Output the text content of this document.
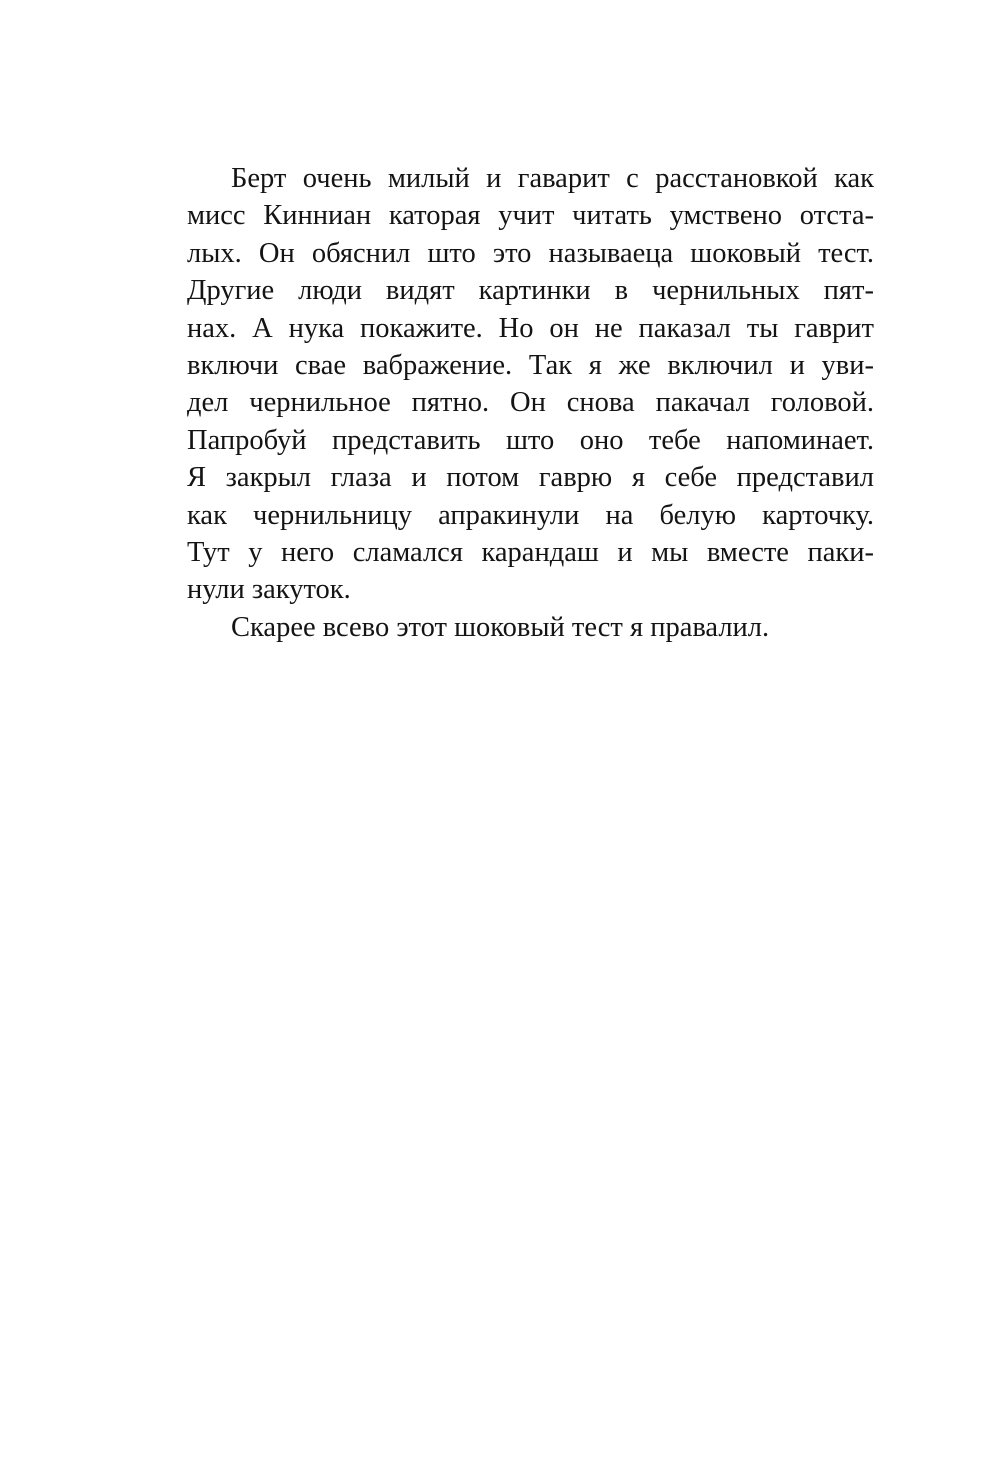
Берт очень милый и гаварит с расстановкой как
мисс Кинниан каторая учит читать умствено отста-
лых. Он обяснил што это называеца шоковый тест.
Другие люди видят картинки в чернильных пят-
нах. А нука покажите. Но он не паказал ты гаврит
включи свае вабражение. Так я же включил и уви-
дел чернильное пятно. Он снова пакачал головой.
Папробуй представить што оно тебе напоминает.
Я закрыл глаза и потом гаврю я себе представил
как чернильницу апракинули на белую карточку.
Тут у него сламался карандаш и мы вместе паки-
нули закуток.
Скарее всево этот шоковый тест я правалил.
